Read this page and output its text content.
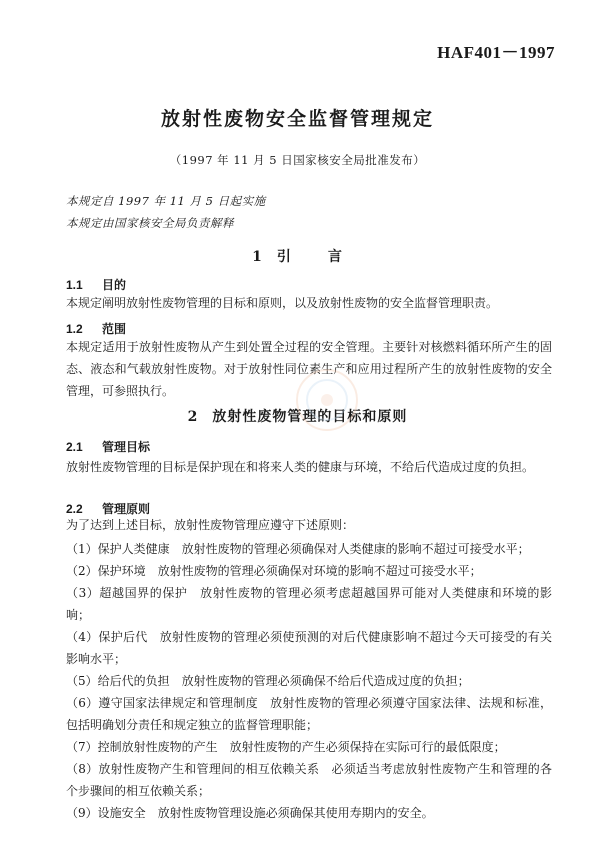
HAF401－1997
放射性废物安全监督管理规定
（1997 年 11 月 5 日国家核安全局批准发布）
本规定自 1997 年 11 月 5 日起实施
本规定由国家核安全局负责解释
1 引	言
1.1 目的

本规定阐明放射性废物管理的目标和原则，以及放射性废物的安全监督管理职责。

1.2 范围

本规定适用于放射性废物从产生到处置全过程的安全管理。主要针对核燃料循环所产生的固态、液态和气载放射性废物。对于放射性同位素生产和应用过程所产生的放射性废物的安全管理，可参照执行。

2 放射性废物管理的目标和原则
2.1 管理目标

放射性废物管理的目标是保护现在和将来人类的健康与环境，不给后代造成过度的负担。

2.2 管理原则

为了达到上述目标，放射性废物管理应遵守下述原则：

（1）保护人类健康　放射性废物的管理必须确保对人类健康的影响不超过可接受水平；

（2）保护环境　放射性废物的管理必须确保对环境的影响不超过可接受水平；

（3）超越国界的保护　放射性废物的管理必须考虑超越国界可能对人类健康和环境的影响；

（4）保护后代　放射性废物的管理必须使预测的对后代健康影响不超过今天可接受的有关影响水平；

（5）给后代的负担　放射性废物的管理必须确保不给后代造成过度的负担；

（6）遵守国家法律规定和管理制度　放射性废物的管理必须遵守国家法律、法规和标准，包括明确划分责任和规定独立的监督管理职能；

（7）控制放射性废物的产生　放射性废物的产生必须保持在实际可行的最低限度；

（8）放射性废物产生和管理间的相互依赖关系　必须适当考虑放射性废物产生和管理的各个步骤间的相互依赖关系；

（9）设施安全　放射性废物管理设施必须确保其使用寿期内的安全。
